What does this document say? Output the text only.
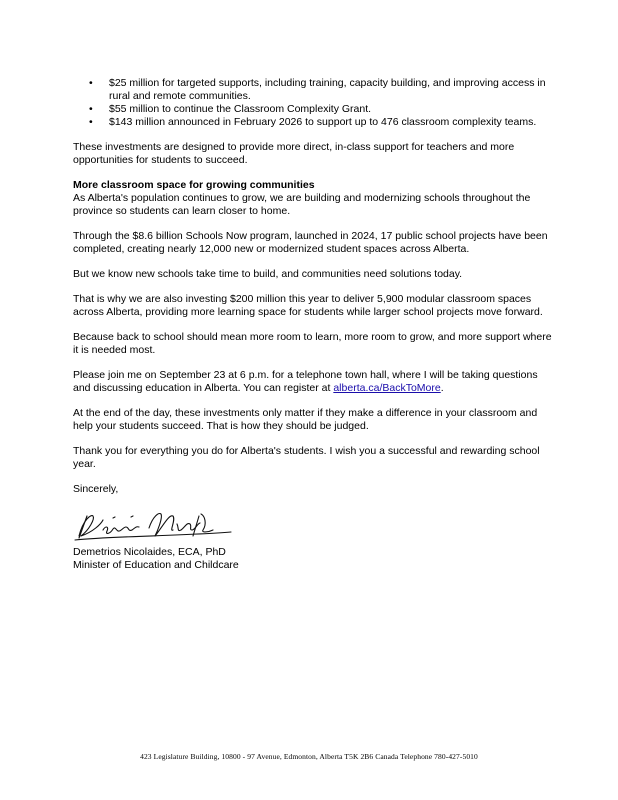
• $25 million for targeted supports, including training, capacity building, and improving access in rural and remote communities.
• $55 million to continue the Classroom Complexity Grant.
• $143 million announced in February 2026 to support up to 476 classroom complexity teams.

These investments are designed to provide more direct, in-class support for teachers and more opportunities for students to succeed.

More classroom space for growing communities

As Alberta's population continues to grow, we are building and modernizing schools throughout the province so students can learn closer to home.

Through the $8.6 billion Schools Now program, launched in 2024, 17 public school projects have been completed, creating nearly 12,000 new or modernized student spaces across Alberta.

But we know new schools take time to build, and communities need solutions today.

That is why we are also investing $200 million this year to deliver 5,900 modular classroom spaces across Alberta, providing more learning space for students while larger school projects move forward.

Because back to school should mean more room to learn, more room to grow, and more support where it is needed most.

Please join me on September 23 at 6 p.m. for a telephone town hall, where I will be taking questions and discussing education in Alberta. You can register at alberta.ca/BackToMore.

At the end of the day, these investments only matter if they make a difference in your classroom and help your students succeed. That is how they should be judged.

Thank you for everything you do for Alberta's students. I wish you a successful and rewarding school year.

Sincerely,

Demetrios Nicolaides, ECA, PhD

Minister of Education and Childcare

423 Legislature Building, 10800 - 97 Avenue, Edmonton, Alberta T5K 2B6 Canada Telephone 780-427-5010
